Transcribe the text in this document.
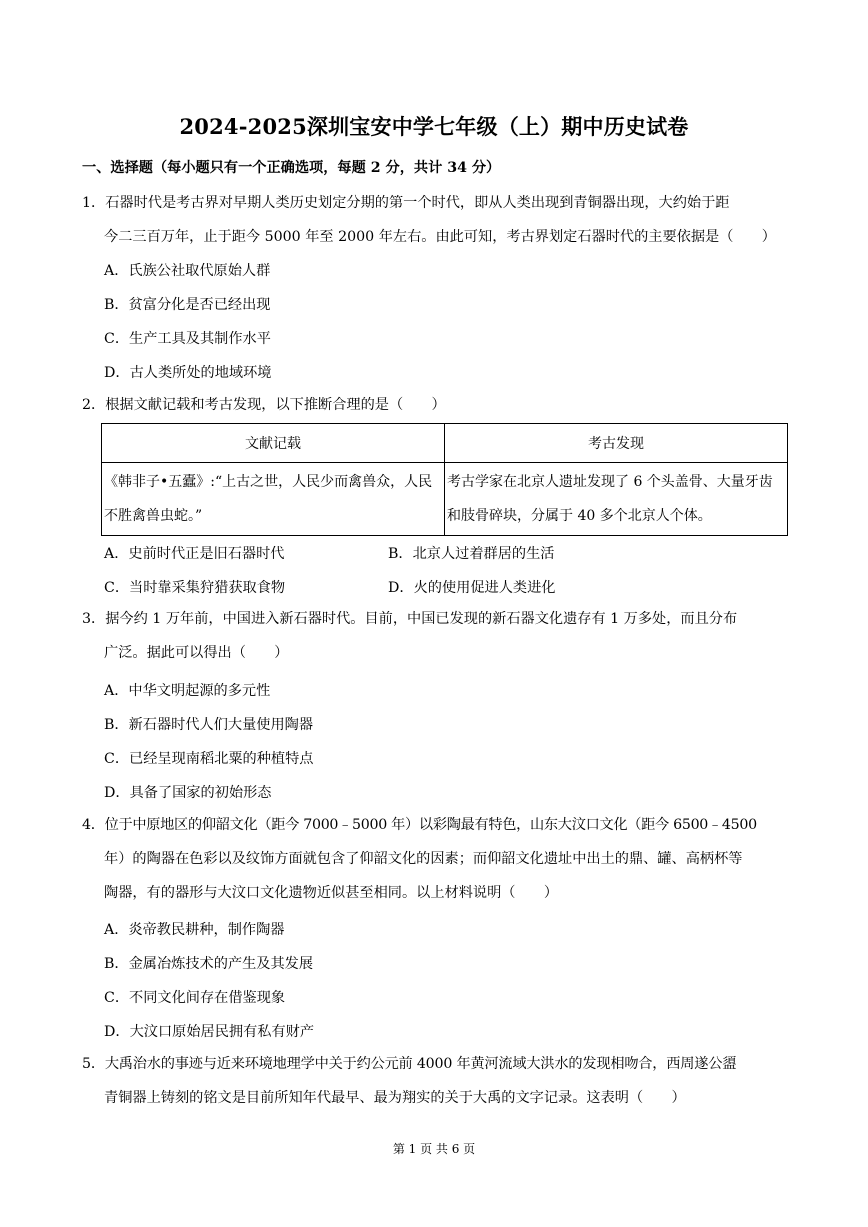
2024-2025深圳宝安中学七年级（上）期中历史试卷
一、选择题（每小题只有一个正确选项，每题 2 分，共计 34 分）
1．石器时代是考古界对早期人类历史划定分期的第一个时代，即从人类出现到青铜器出现，大约始于距
今二三百万年，止于距今 5000 年至 2000 年左右。由此可知，考古界划定石器时代的主要依据是（　　）
A．氏族公社取代原始人群
B．贫富分化是否已经出现
C．生产工具及其制作水平
D．古人类所处的地域环境
2．根据文献记载和考古发现，以下推断合理的是（　　）
文献记载	考古发现
《韩非子•五蠹》:“上古之世，人民少而禽兽众，人民不胜禽兽虫蛇。”	考古学家在北京人遗址发现了 6 个头盖骨、大量牙齿和肢骨碎块，分属于 40 多个北京人个体。
A．史前时代正是旧石器时代	B．北京人过着群居的生活
C．当时靠采集狩猎获取食物	D．火的使用促进人类进化
3．据今约 1 万年前，中国进入新石器时代。目前，中国已发现的新石器文化遗存有 1 万多处，而且分布
广泛。据此可以得出（　　）
A．中华文明起源的多元性
B．新石器时代人们大量使用陶器
C．已经呈现南稻北粟的种植特点
D．具备了国家的初始形态
4．位于中原地区的仰韶文化（距今 7000﹣5000 年）以彩陶最有特色，山东大汶口文化（距今 6500﹣4500
年）的陶器在色彩以及纹饰方面就包含了仰韶文化的因素；而仰韶文化遗址中出土的鼎、罐、高柄杯等
陶器，有的器形与大汶口文化遗物近似甚至相同。以上材料说明（　　）
A．炎帝教民耕种，制作陶器
B．金属冶炼技术的产生及其发展
C．不同文化间存在借鉴现象
D．大汶口原始居民拥有私有财产
5．大禹治水的事迹与近来环境地理学中关于约公元前 4000 年黄河流域大洪水的发现相吻合，西周遂公盨
青铜器上铸刻的铭文是目前所知年代最早、最为翔实的关于大禹的文字记录。这表明（　　）
第 1 页 共 6 页
